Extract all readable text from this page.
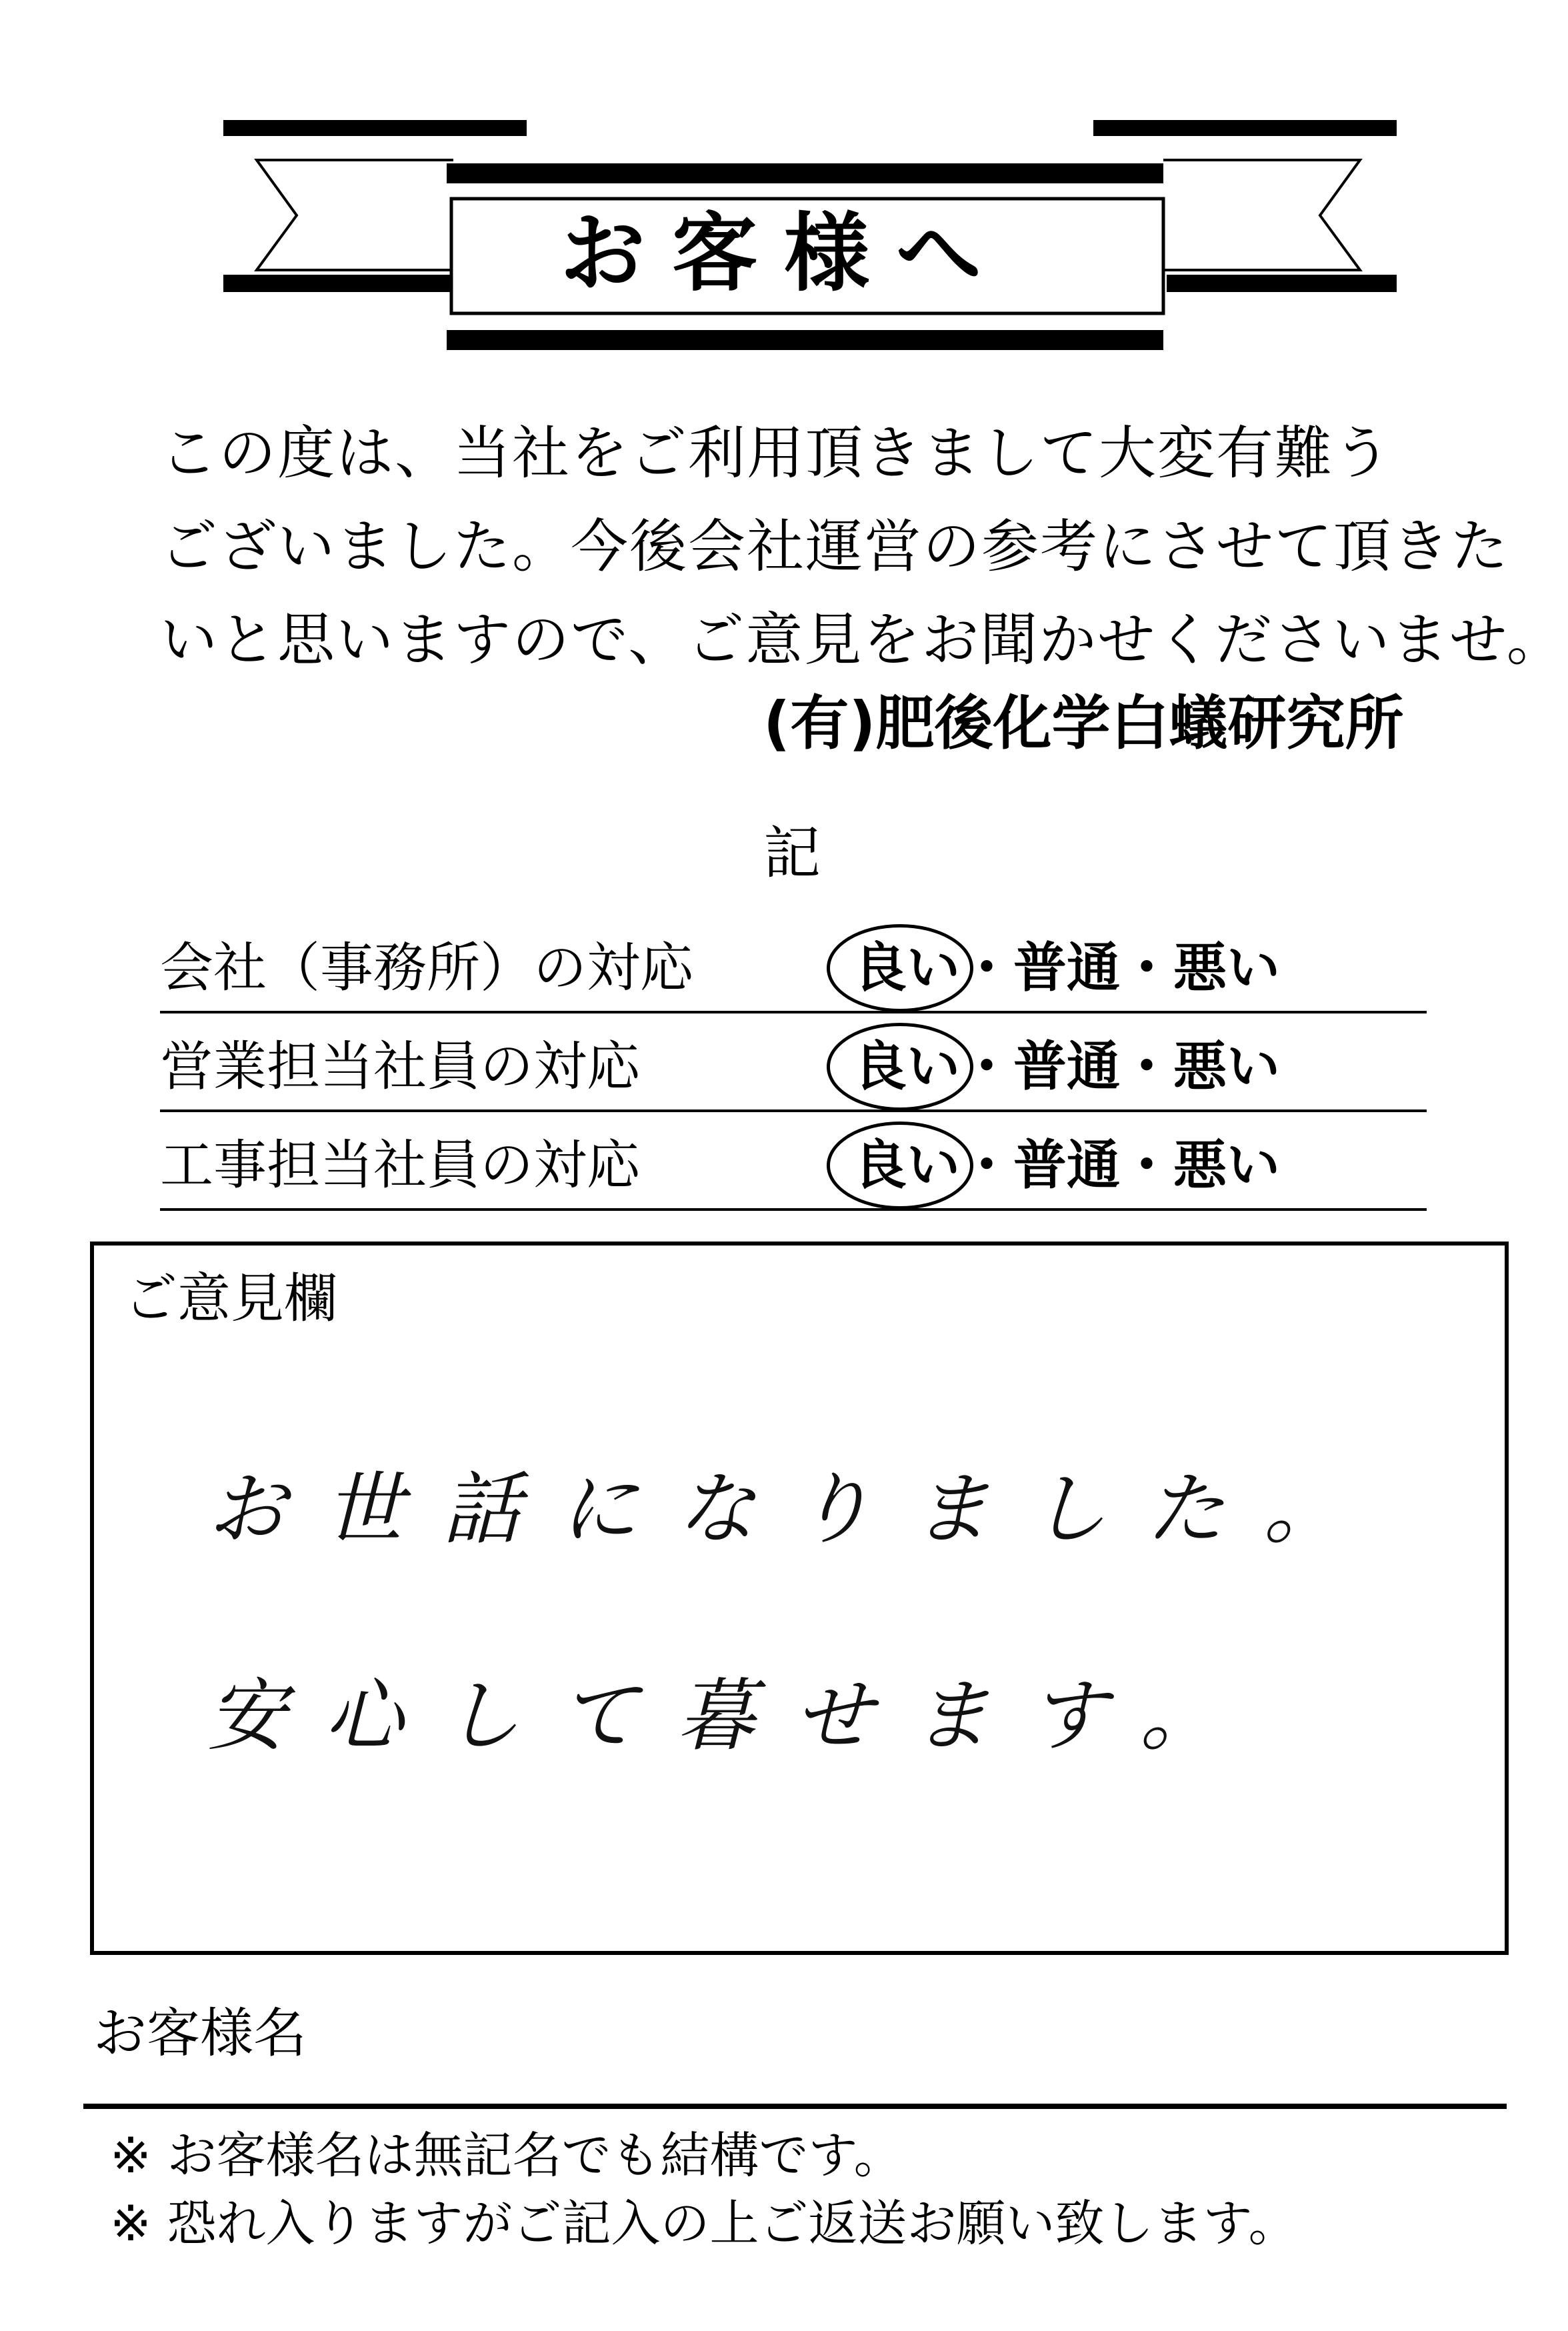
お客様へ
この度は、当社をご利用頂きまして大変有難う
ございました。今後会社運営の参考にさせて頂きた
いと思いますので、ご意見をお聞かせくださいませ。
(有)肥後化学白蟻研究所
記
会社（事務所）の対応	良い・普通・悪い
営業担当社員の対応	良い・普通・悪い
工事担当社員の対応	良い・普通・悪い
ご意見欄
お世話になりました。
安心して暮せます。
お客様名
※ お客様名は無記名でも結構です。
※ 恐れ入りますがご記入の上ご返送お願い致します。
